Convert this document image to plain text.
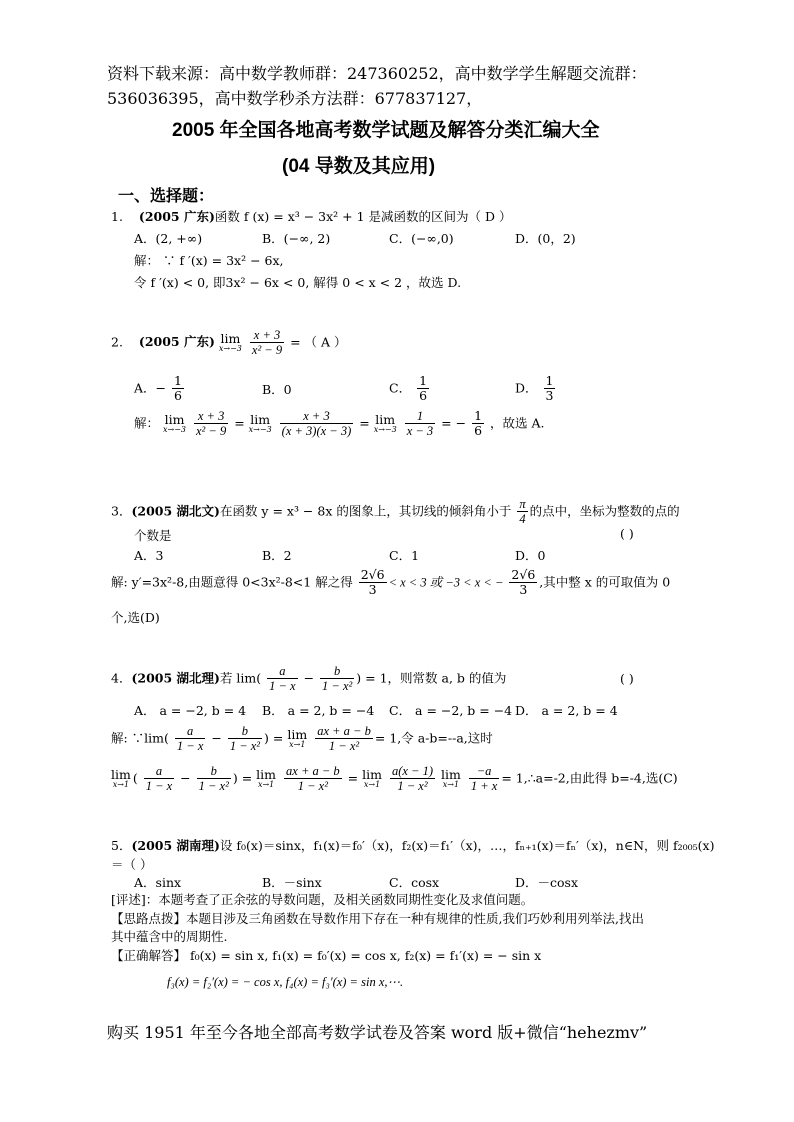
资料下载来源：高中数学教师群：247360252，高中数学学生解题交流群：
536036395，高中数学秒杀方法群：677837127，
2005 年全国各地高考数学试题及解答分类汇编大全
(04 导数及其应用)
一、选择题：
1. (2005 广东)函数 f (x) = x³ − 3x² + 1 是减函数的区间为（ D ）
A．(2, +∞)	B．(−∞, 2)	C．(−∞,0)	D．(0，2)
解： ∵ f ′(x) = 3x² − 6x,
令 f ′(x) < 0, 即3x² − 6x < 0, 解得 0 < x < 2 ，故选 D.
2. (2005 广东) lim
x→−3
$\frac{x + 3}{\text{x² − 9}}$ = （ A ）
A．− $\frac{1}{6}$	B．0	C． $\frac{1}{6}$	D． $\frac{1}{3}$
解： lim
x→−3
$\frac{x + 3}{\text{x² − 9}} = \lim$
x→−3
$\frac{x + 3}{(x + 3)(x - 3)} = \lim$
x→−3
$\frac{1}{x - 3}$ = − $\frac{1}{6}$ ，故选 A.
3．(2005 湖北文)在函数 y = x³ − 8x 的图象上，其切线的倾斜角小于 $\frac{\pi}{4}$ 的点中，坐标为整数的点的
个数是	( )
A．3	B．2	C．1	D．0
解: y′=3x²-8,由题意得 0<3x²-8<1 解之得 $\frac{2√6}{3} < x < 3$ 或 −3 < x < − $\frac{2√6}{3}$ ,其中整 x 的可取值为 0
个,选(D)
4．(2005 湖北理)若 $\lim( \frac{a}{1 - x} - \frac{b}{\text{1 − x²}}$ ) = 1，则常数 a, b 的值为	( )
A． a = −2, b = 4 B． a = 2, b = −4 C． a = −2, b = −4 D． a = 2, b = 4
解: ∵lim( $\frac{a}{1 - x} - \frac{b}{\text{1 − x²}}$ ) = lim
x→1
$\frac{ax + a - b}{\text{1 − x²}} = 1$,令 a-b=--a,这时
lim
x→1 ( $\frac{a}{1 - x} - \frac{b}{\text{1 − x²}}$ ) = lim
x→1
$\frac{ax + a - b}{\text{1 − x²}} = \lim$
x→1
$\frac{a(x - 1)}{\text{1 − x²}}$
lim
x→1
$\frac{-a}{1 + x}$ = 1,∴a=-2,由此得 b=-4,选(C)
5．(2005 湖南理)设 f₀(x)＝sinx，f₁(x)＝f₀′（x)，f₂(x)＝f₁′（x)，…，fₙ₊₁(x)＝fₙ′（x)，n∈N，则 f₂₀₀₅(x)
＝（ ）
A．sinx	B．－sinx	C．cosx	D．－cosx
[评述]：本题考查了正余弦的导数问题，及相关函数同期性变化及求值问题。
【思路点拨】本题目涉及三角函数在导数作用下存在一种有规律的性质,我们巧妙利用列举法,找出
其中蕴含中的周期性.
【正确解答】 f₀(x) = sin x, f₁(x) = f₀′(x) = cos x, f₂(x) = f₁′(x) = − sin x
f₃(x) = f₂′(x) = − cos x, f₄(x) = f₃′(x) = sin x,⋯.
购买 1951 年至今各地全部高考数学试卷及答案 word 版+微信“hehezmv”
